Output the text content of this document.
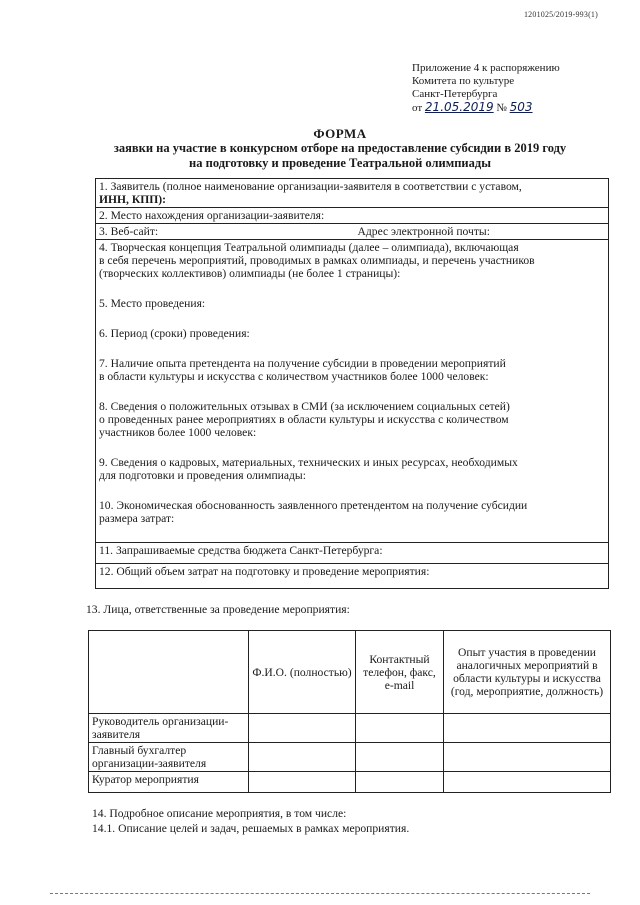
1201025/2019-993(1)
Приложение 4 к распоряжению
Комитета по культуре
Санкт-Петербурга
от 21.05.2019 № 503
ФОРМА
заявки на участие в конкурсном отборе на предоставление субсидии в 2019 году
на подготовку и проведение Театральной олимпиады
1. Заявитель (полное наименование организации-заявителя в соответствии с уставом,
ИНН, КПП):

2. Место нахождения организации-заявителя:
3. Веб-сайт:	Адрес электронной почты:

4. Творческая концепция Театральной олимпиады (далее – олимпиада), включающая

в себя перечень мероприятий, проводимых в рамках олимпиады, и перечень участников

(творческих коллективов) олимпиады (не более 1 страницы):

5. Место проведения:

6. Период (сроки) проведения:

7. Наличие опыта претендента на получение субсидии в проведении мероприятий

в области культуры и искусства с количеством участников более 1000 человек:

8. Сведения о положительных отзывах в СМИ (за исключением социальных сетей)

о проведенных ранее мероприятиях в области культуры и искусства с количеством

участников более 1000 человек:

9. Сведения о кадровых, материальных, технических и иных ресурсах, необходимых

для подготовки и проведения олимпиады:

10. Экономическая обоснованность заявленного претендентом на получение субсидии

размера затрат:

11. Запрашиваемые средства бюджета Санкт-Петербурга:
12. Общий объем затрат на подготовку и проведение мероприятия:
13. Лица, ответственные за проведение мероприятия:
	Ф.И.О. (полностью)	Контактный телефон, факс, e-mail	Опыт участия в проведении аналогичных мероприятий в области культуры и искусства (год, мероприятие, должность)
Руководитель организации-заявителя			
Главный бухгалтер организации-заявителя			
Куратор мероприятия			
14. Подробное описание мероприятия, в том числе:
14.1. Описание целей и задач, решаемых в рамках мероприятия.
